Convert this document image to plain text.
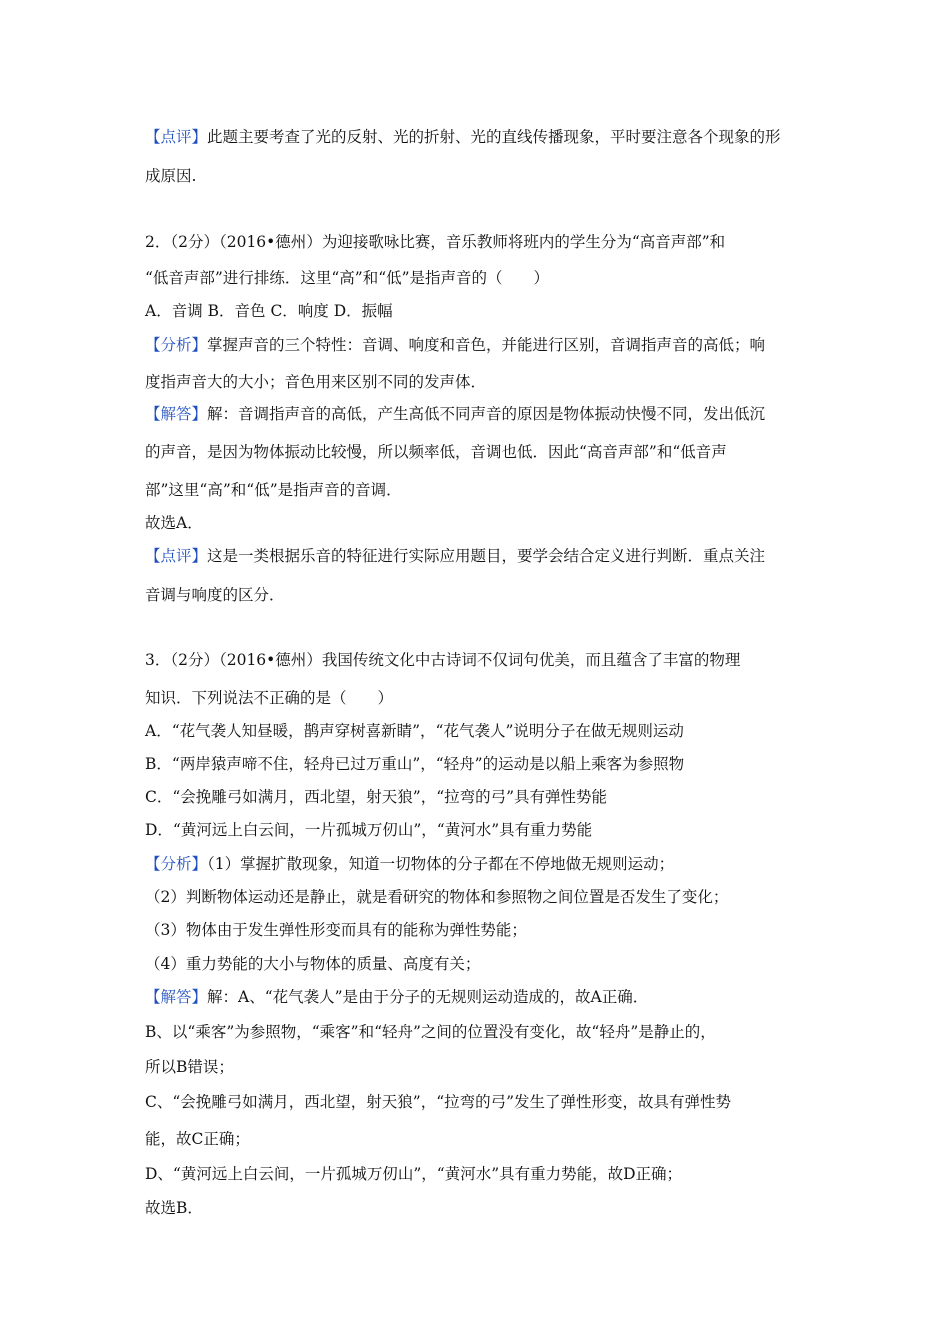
【点评】此题主要考查了光的反射、光的折射、光的直线传播现象，平时要注意各个现象的形
成原因.
2．（2分）（2016•德州）为迎接歌咏比赛，音乐教师将班内的学生分为“高音声部”和
“低音声部”进行排练．这里“高”和“低”是指声音的（　　）
A．音调 B．音色 C．响度 D．振幅
【分析】掌握声音的三个特性：音调、响度和音色，并能进行区别，音调指声音的高低；响
度指声音大的大小；音色用来区别不同的发声体．
【解答】解：音调指声音的高低，产生高低不同声音的原因是物体振动快慢不同，发出低沉
的声音，是因为物体振动比较慢，所以频率低，音调也低．因此“高音声部”和“低音声
部”这里“高”和“低”是指声音的音调．
故选A．
【点评】这是一类根据乐音的特征进行实际应用题目，要学会结合定义进行判断．重点关注
音调与响度的区分．
3．（2分）（2016•德州）我国传统文化中古诗词不仅词句优美，而且蕴含了丰富的物理
知识．下列说法不正确的是（　　）
A．“花气袭人知昼暖，鹊声穿树喜新睛”，“花气袭人”说明分子在做无规则运动
B．“两岸猿声啼不住，轻舟已过万重山”，“轻舟”的运动是以船上乘客为参照物
C．“会挽雕弓如满月，西北望，射天狼”，“拉弯的弓”具有弹性势能
D．“黄河远上白云间，一片孤城万仞山”，“黄河水”具有重力势能
【分析】（1）掌握扩散现象，知道一切物体的分子都在不停地做无规则运动；
（2）判断物体运动还是静止，就是看研究的物体和参照物之间位置是否发生了变化；
（3）物体由于发生弹性形变而具有的能称为弹性势能；
（4）重力势能的大小与物体的质量、高度有关；
【解答】解：A、“花气袭人”是由于分子的无规则运动造成的，故A正确．
B、以“乘客”为参照物，“乘客”和“轻舟”之间的位置没有变化，故“轻舟”是静止的，
所以B错误；
C、“会挽雕弓如满月，西北望，射天狼”，“拉弯的弓”发生了弹性形变，故具有弹性势
能，故C正确；
D、“黄河远上白云间，一片孤城万仞山”，“黄河水”具有重力势能，故D正确；
故选B．
